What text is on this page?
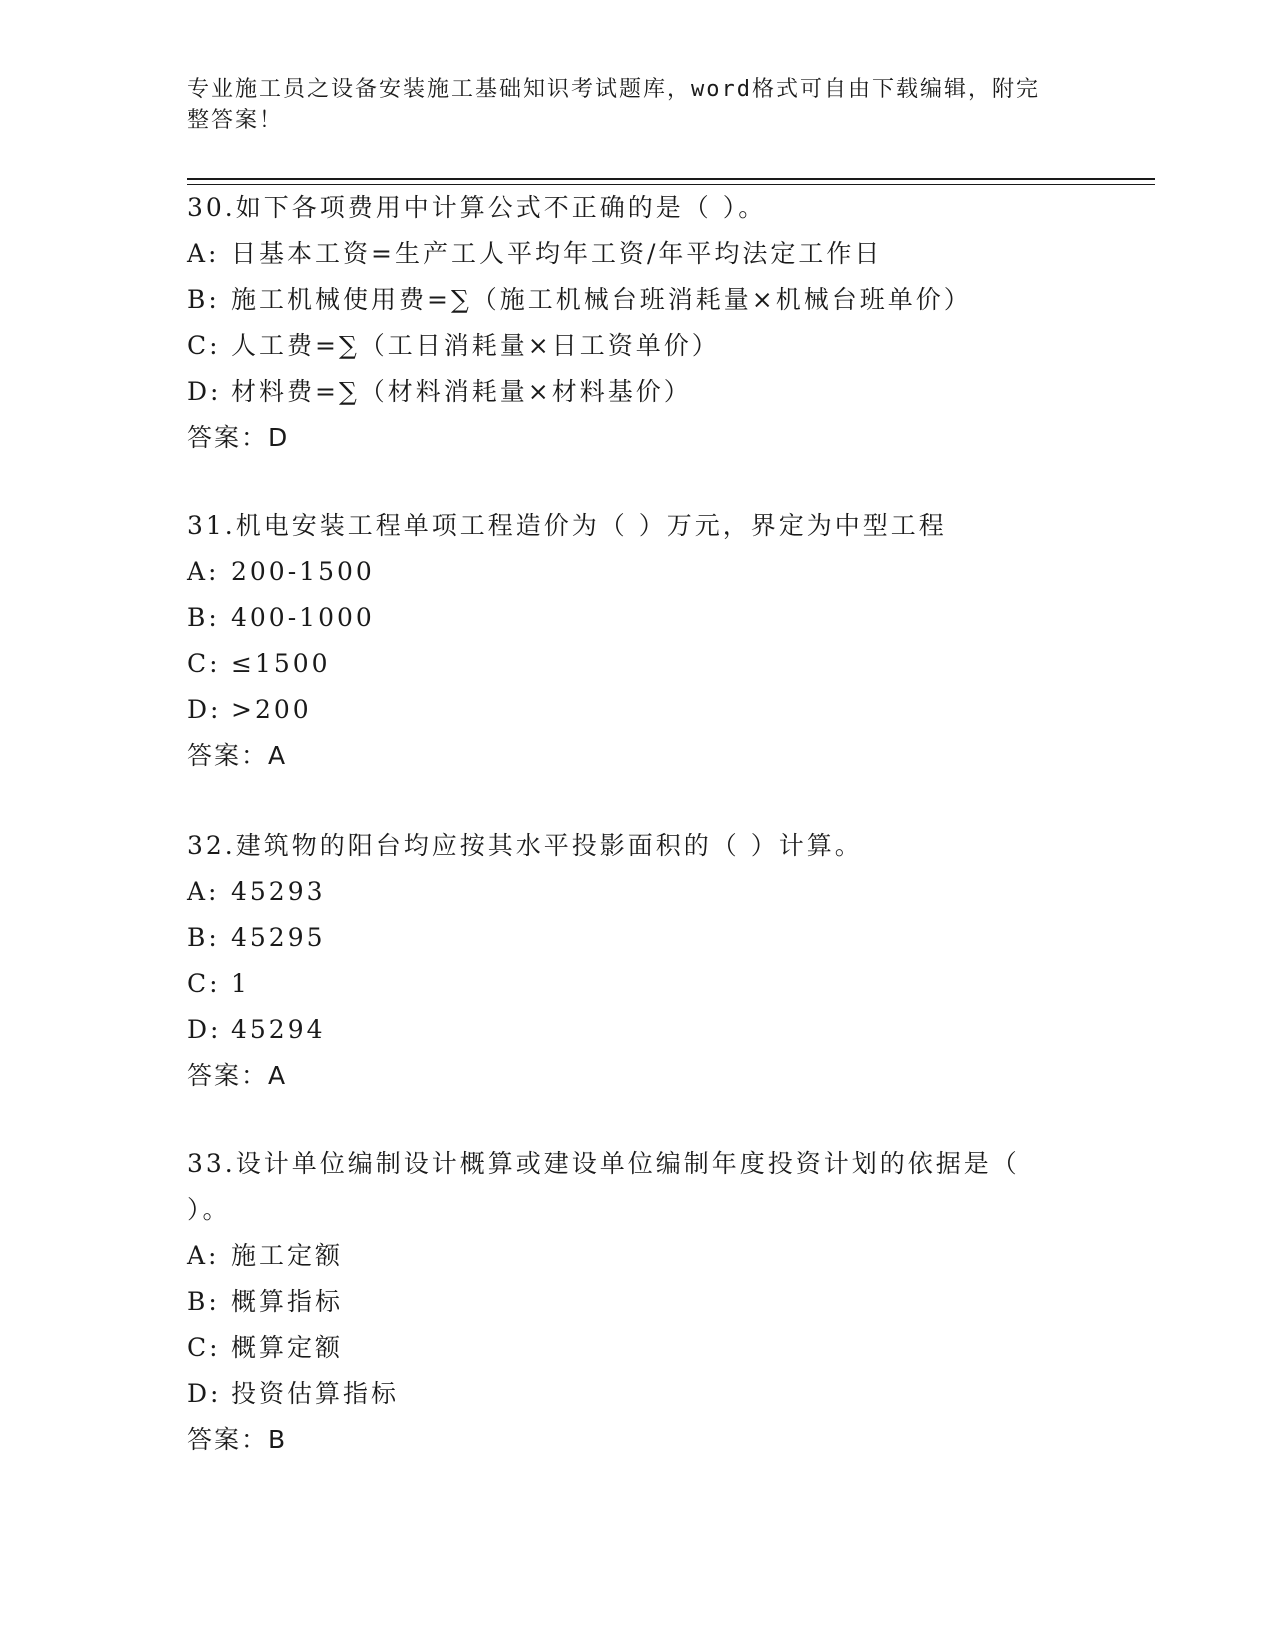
专业施工员之设备安装施工基础知识考试题库，word格式可自由下载编辑，附完
整答案！
30.如下各项费用中计算公式不正确的是（ ）。
A: 日基本工资=生产工人平均年工资/年平均法定工作日
B: 施工机械使用费=∑（施工机械台班消耗量×机械台班单价）
C: 人工费=∑（工日消耗量×日工资单价）
D: 材料费=∑（材料消耗量×材料基价）
答案：D
31.机电安装工程单项工程造价为（ ）万元，界定为中型工程
A: 200-1500
B: 400-1000
C: ≤1500
D: >200
答案：A
32.建筑物的阳台均应按其水平投影面积的（ ）计算。
A: 45293
B: 45295
C: 1
D: 45294
答案：A
33.设计单位编制设计概算或建设单位编制年度投资计划的依据是（
）。
A: 施工定额
B: 概算指标
C: 概算定额
D: 投资估算指标
答案：B
